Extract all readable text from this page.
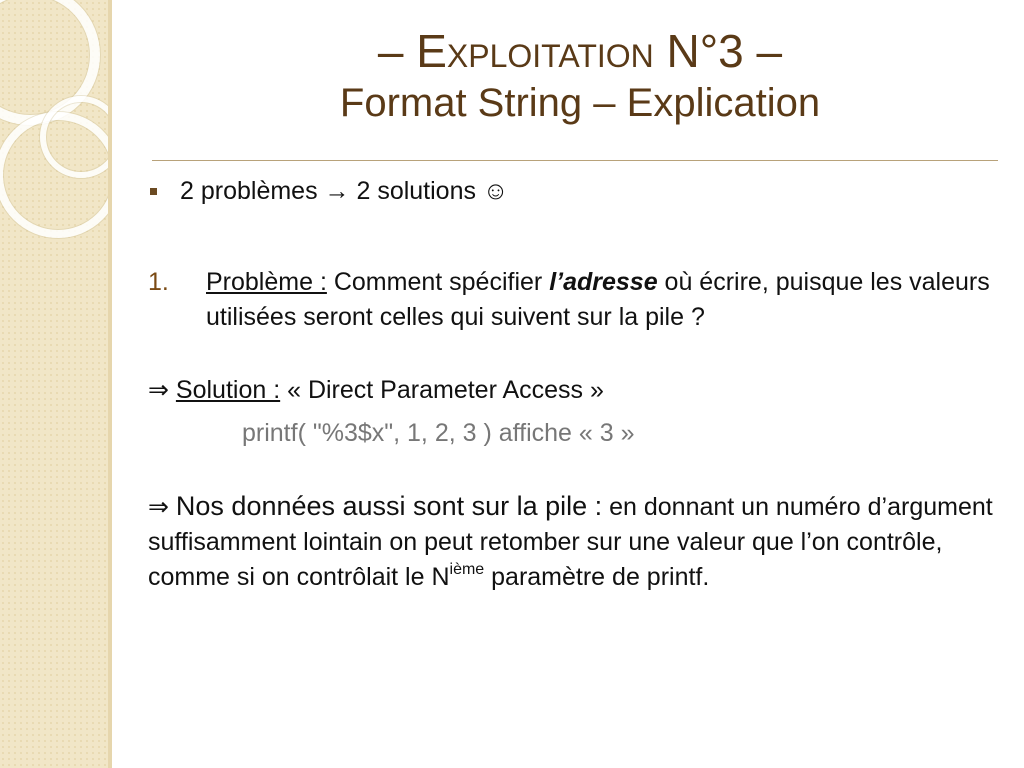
– Exploitation N°3 –
Format String – Explication
2 problèmes → 2 solutions ☺
1. Problème : Comment spécifier l’adresse où écrire, puisque les valeurs utilisées seront celles qui suivent sur la pile ?
⇒ Solution : « Direct Parameter Access »
printf( "%3$x", 1, 2, 3 ) affiche « 3 »
⇒ Nos données aussi sont sur la pile : en donnant un numéro d’argument suffisamment lointain on peut retomber sur une valeur que l’on contrôle, comme si on contrôlait le $N^{ième}$ paramètre de printf.
